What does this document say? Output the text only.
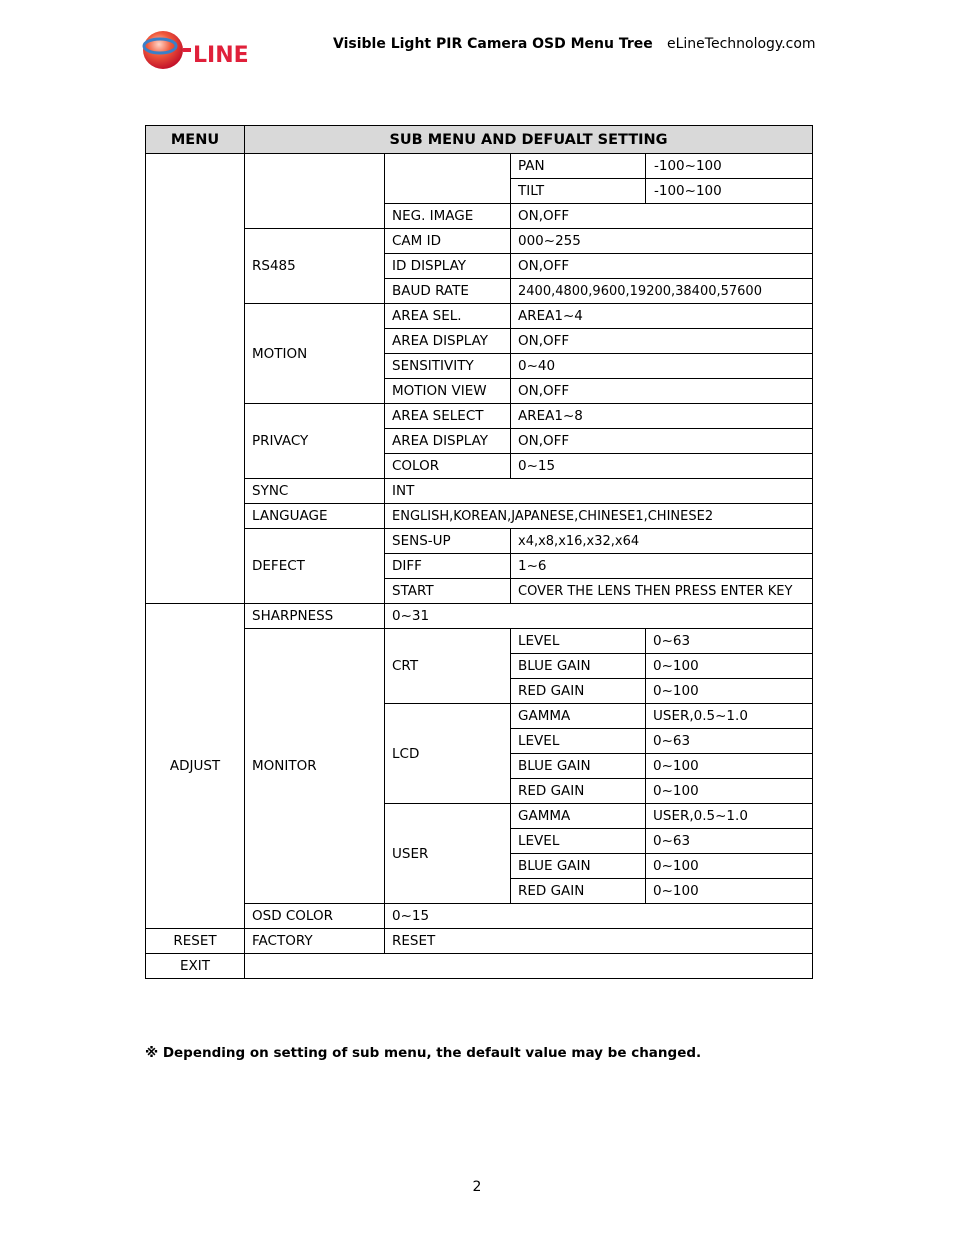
LINE	Visible Light PIR Camera OSD Menu Tree eLineTechnology.com
MENU	SUB MENU AND DEFUALT SETTING			
			PAN	-100~100
			TILT	-100~100
		NEG. IMAGE	ON,OFF	
	RS485	CAM ID	000~255	
		ID DISPLAY	ON,OFF	
		BAUD RATE	2400,4800,9600,19200,38400,57600	
	MOTION	AREA SEL.	AREA1~4	
		AREA DISPLAY	ON,OFF	
		SENSITIVITY	0~40	
		MOTION VIEW	ON,OFF	
	PRIVACY	AREA SELECT	AREA1~8	
		AREA DISPLAY	ON,OFF	
		COLOR	0~15	
	SYNC	INT		
	LANGUAGE	ENGLISH,KOREAN,JAPANESE,CHINESE1,CHINESE2		
	DEFECT	SENS-UP	x4,x8,x16,x32,x64	
		DIFF	1~6	
		START	COVER THE LENS THEN PRESS ENTER KEY	
ADJUST	SHARPNESS	0~31		
	MONITOR	CRT	LEVEL	0~63
			BLUE GAIN	0~100
			RED GAIN	0~100
		LCD	GAMMA	USER,0.5~1.0
			LEVEL	0~63
			BLUE GAIN	0~100
			RED GAIN	0~100
		USER	GAMMA	USER,0.5~1.0
			LEVEL	0~63
			BLUE GAIN	0~100
			RED GAIN	0~100
	OSD COLOR	0~15		
RESET	FACTORY	RESET		
EXIT				
※ Depending on setting of sub menu, the default value may be changed.
2
